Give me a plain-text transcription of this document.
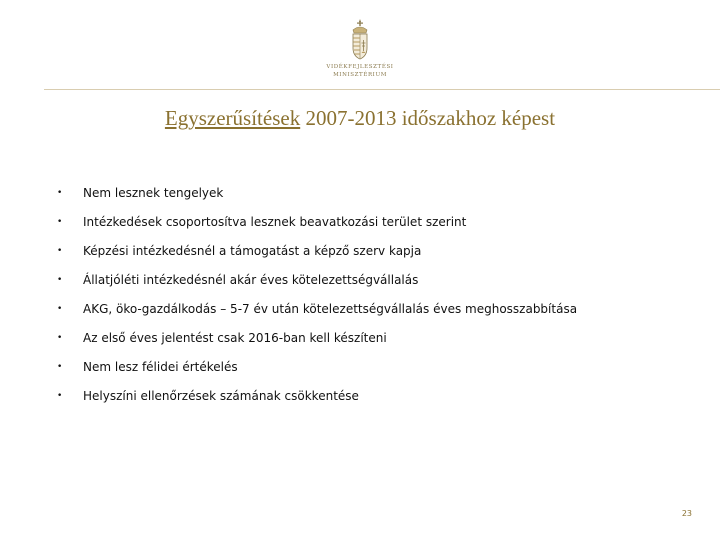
VIDÉKFEJLESZTÉSI
MINISZTÉRIUM
Egyszerűsítések 2007-2013 időszakhoz képest
• Nem lesznek tengelyek
• Intézkedések csoportosítva lesznek beavatkozási terület szerint
• Képzési intézkedésnél a támogatást a képző szerv kapja
• Állatjóléti intézkedésnél akár éves kötelezettségvállalás
• AKG, öko-gazdálkodás – 5-7 év után kötelezettségvállalás éves meghosszabbítása
• Az első éves jelentést csak 2016-ban kell készíteni
• Nem lesz félidei értékelés
• Helyszíni ellenőrzések számának csökkentése
23
